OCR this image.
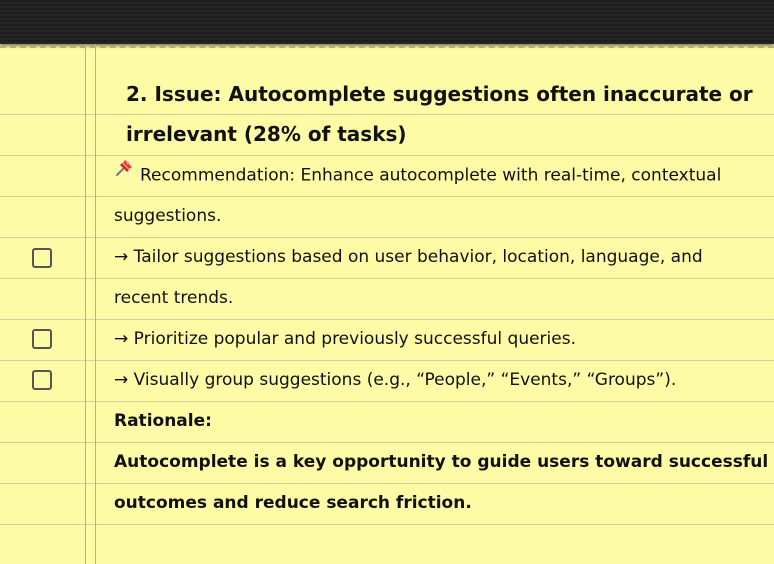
2. Issue: Autocomplete suggestions often inaccurate or
irrelevant (28% of tasks)
Recommendation: Enhance autocomplete with real-time, contextual
suggestions.
→ Tailor suggestions based on user behavior, location, language, and
recent trends.
→ Prioritize popular and previously successful queries.
→ Visually group suggestions (e.g., “People,” “Events,” “Groups”).
Rationale:
Autocomplete is a key opportunity to guide users toward successful
outcomes and reduce search friction.
